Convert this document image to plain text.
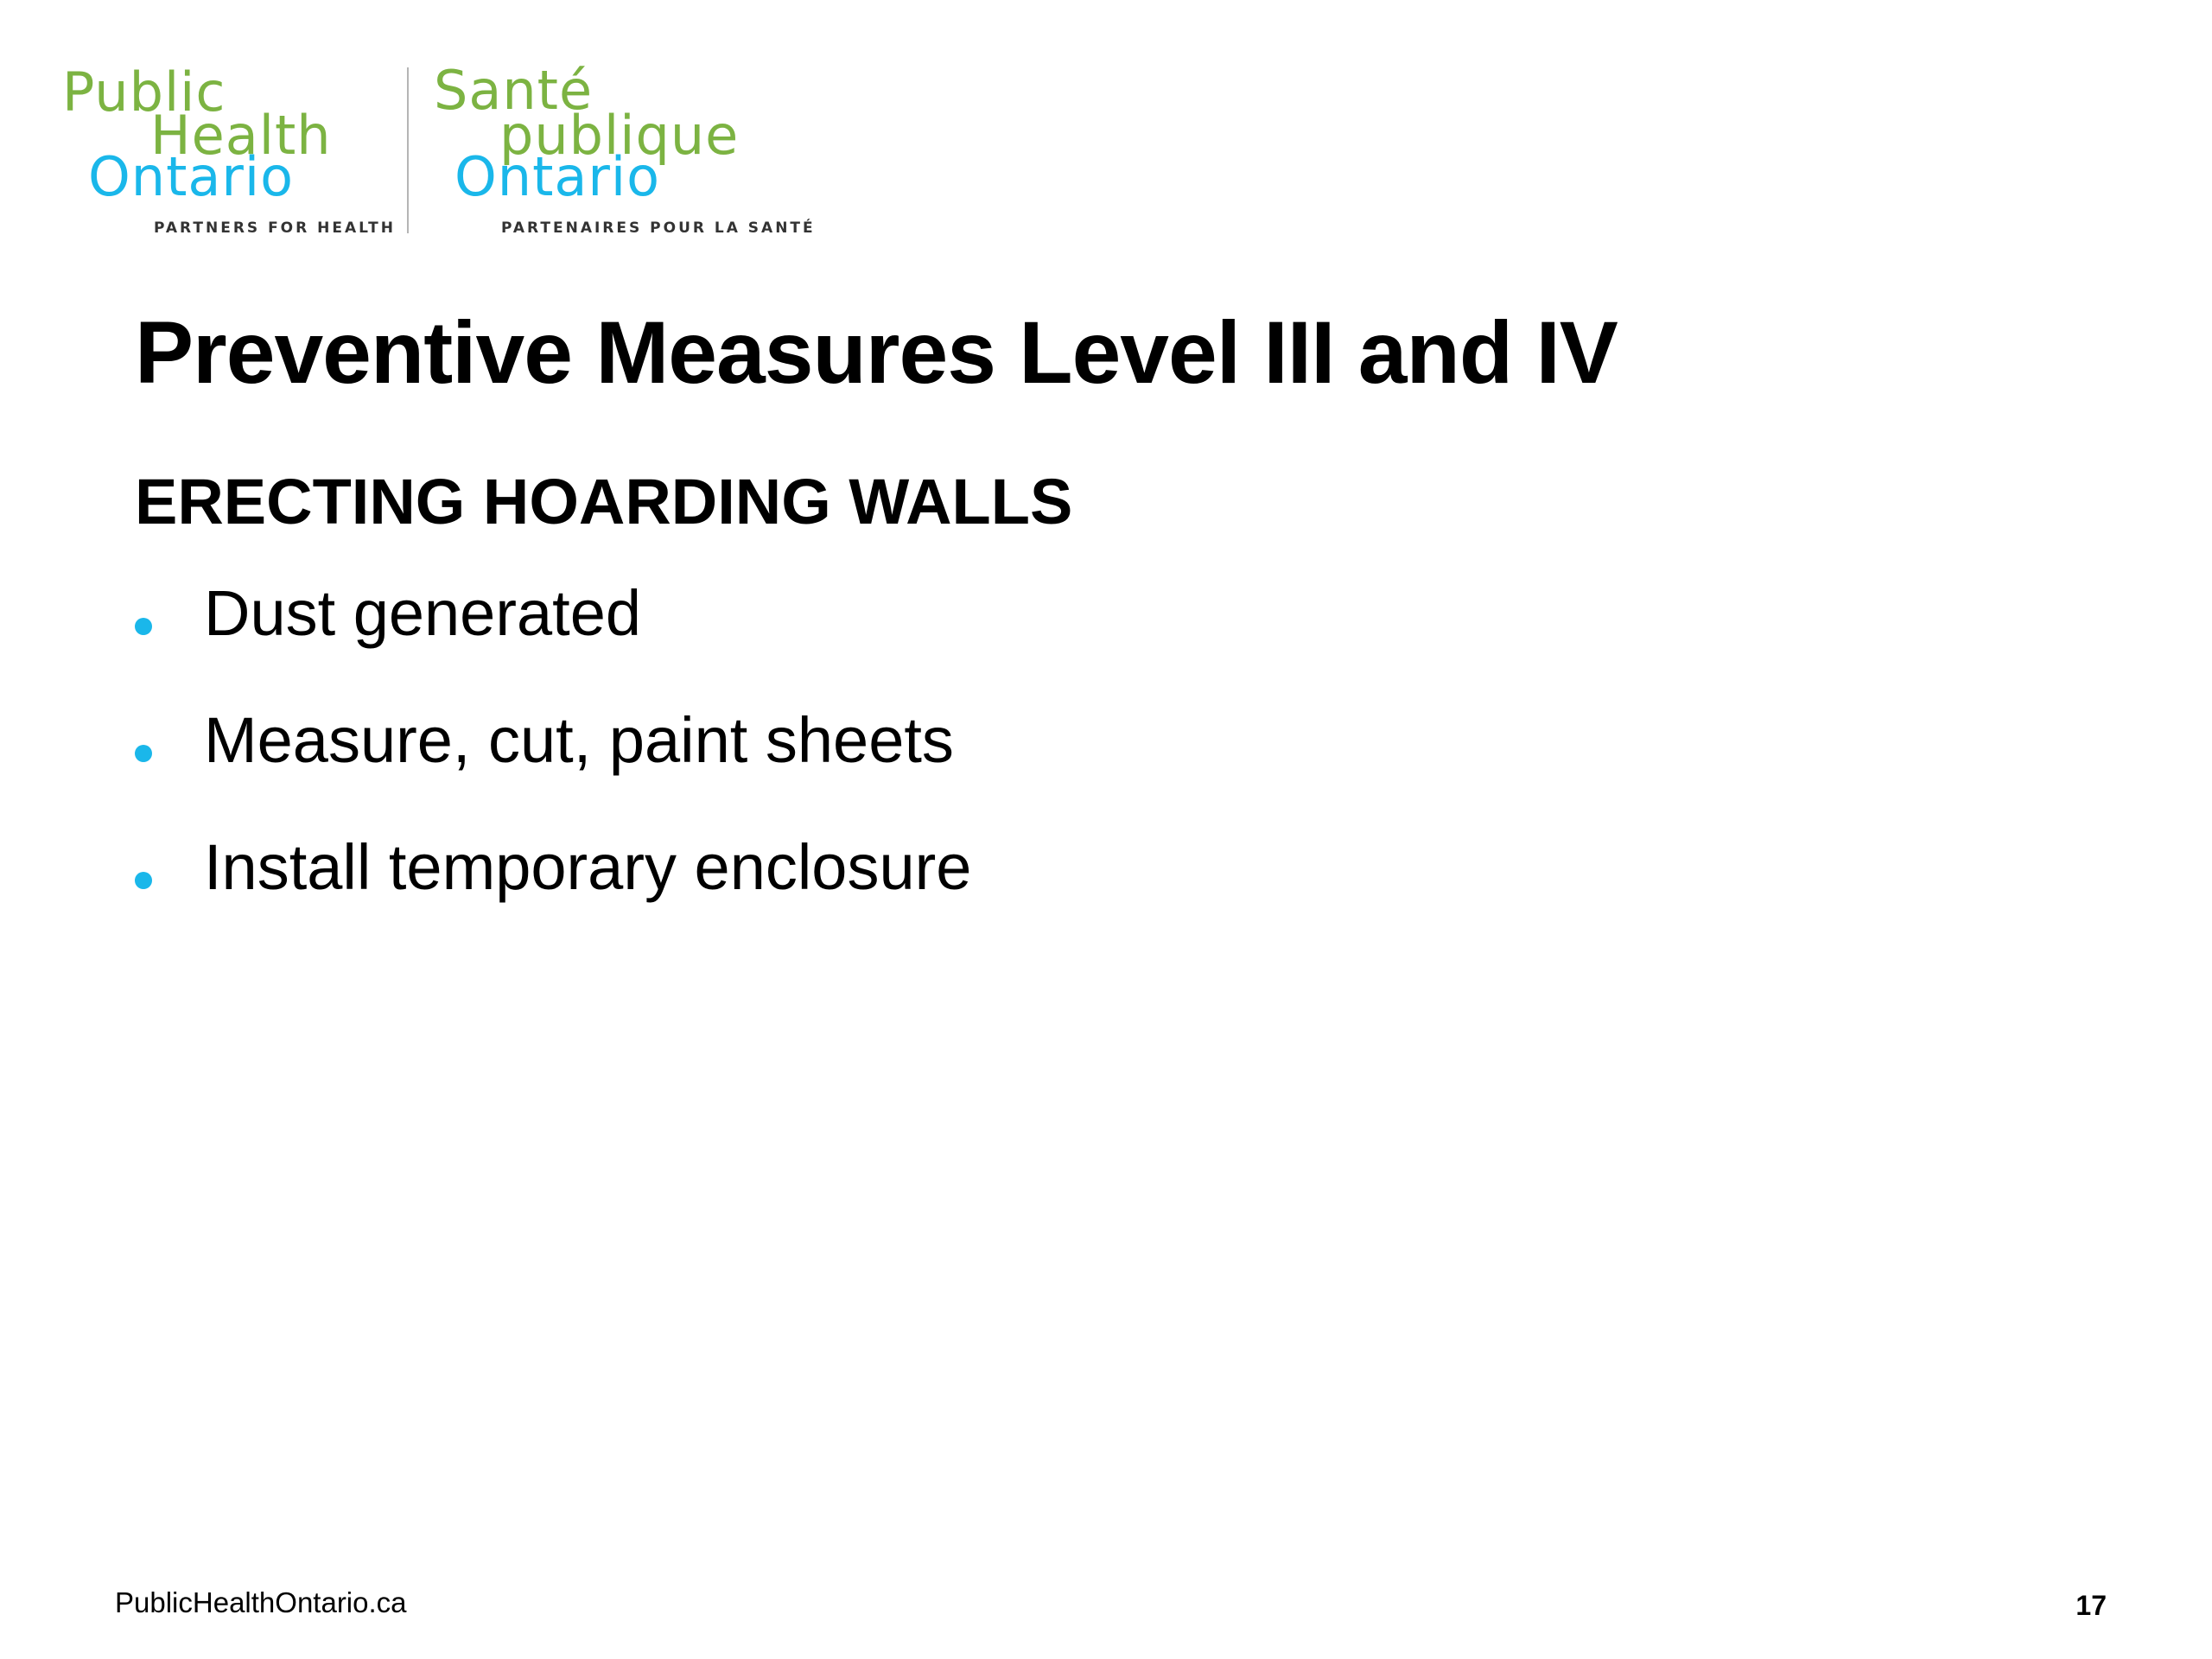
Public
Health
Ontario
PARTNERS FOR HEALTH
Santé
publique
Ontario
PARTENAIRES POUR LA SANTÉ
Preventive Measures Level III and IV
ERECTING HOARDING WALLS
Dust generated
Measure, cut, paint sheets
Install temporary enclosure
PublicHealthOntario.ca	17
